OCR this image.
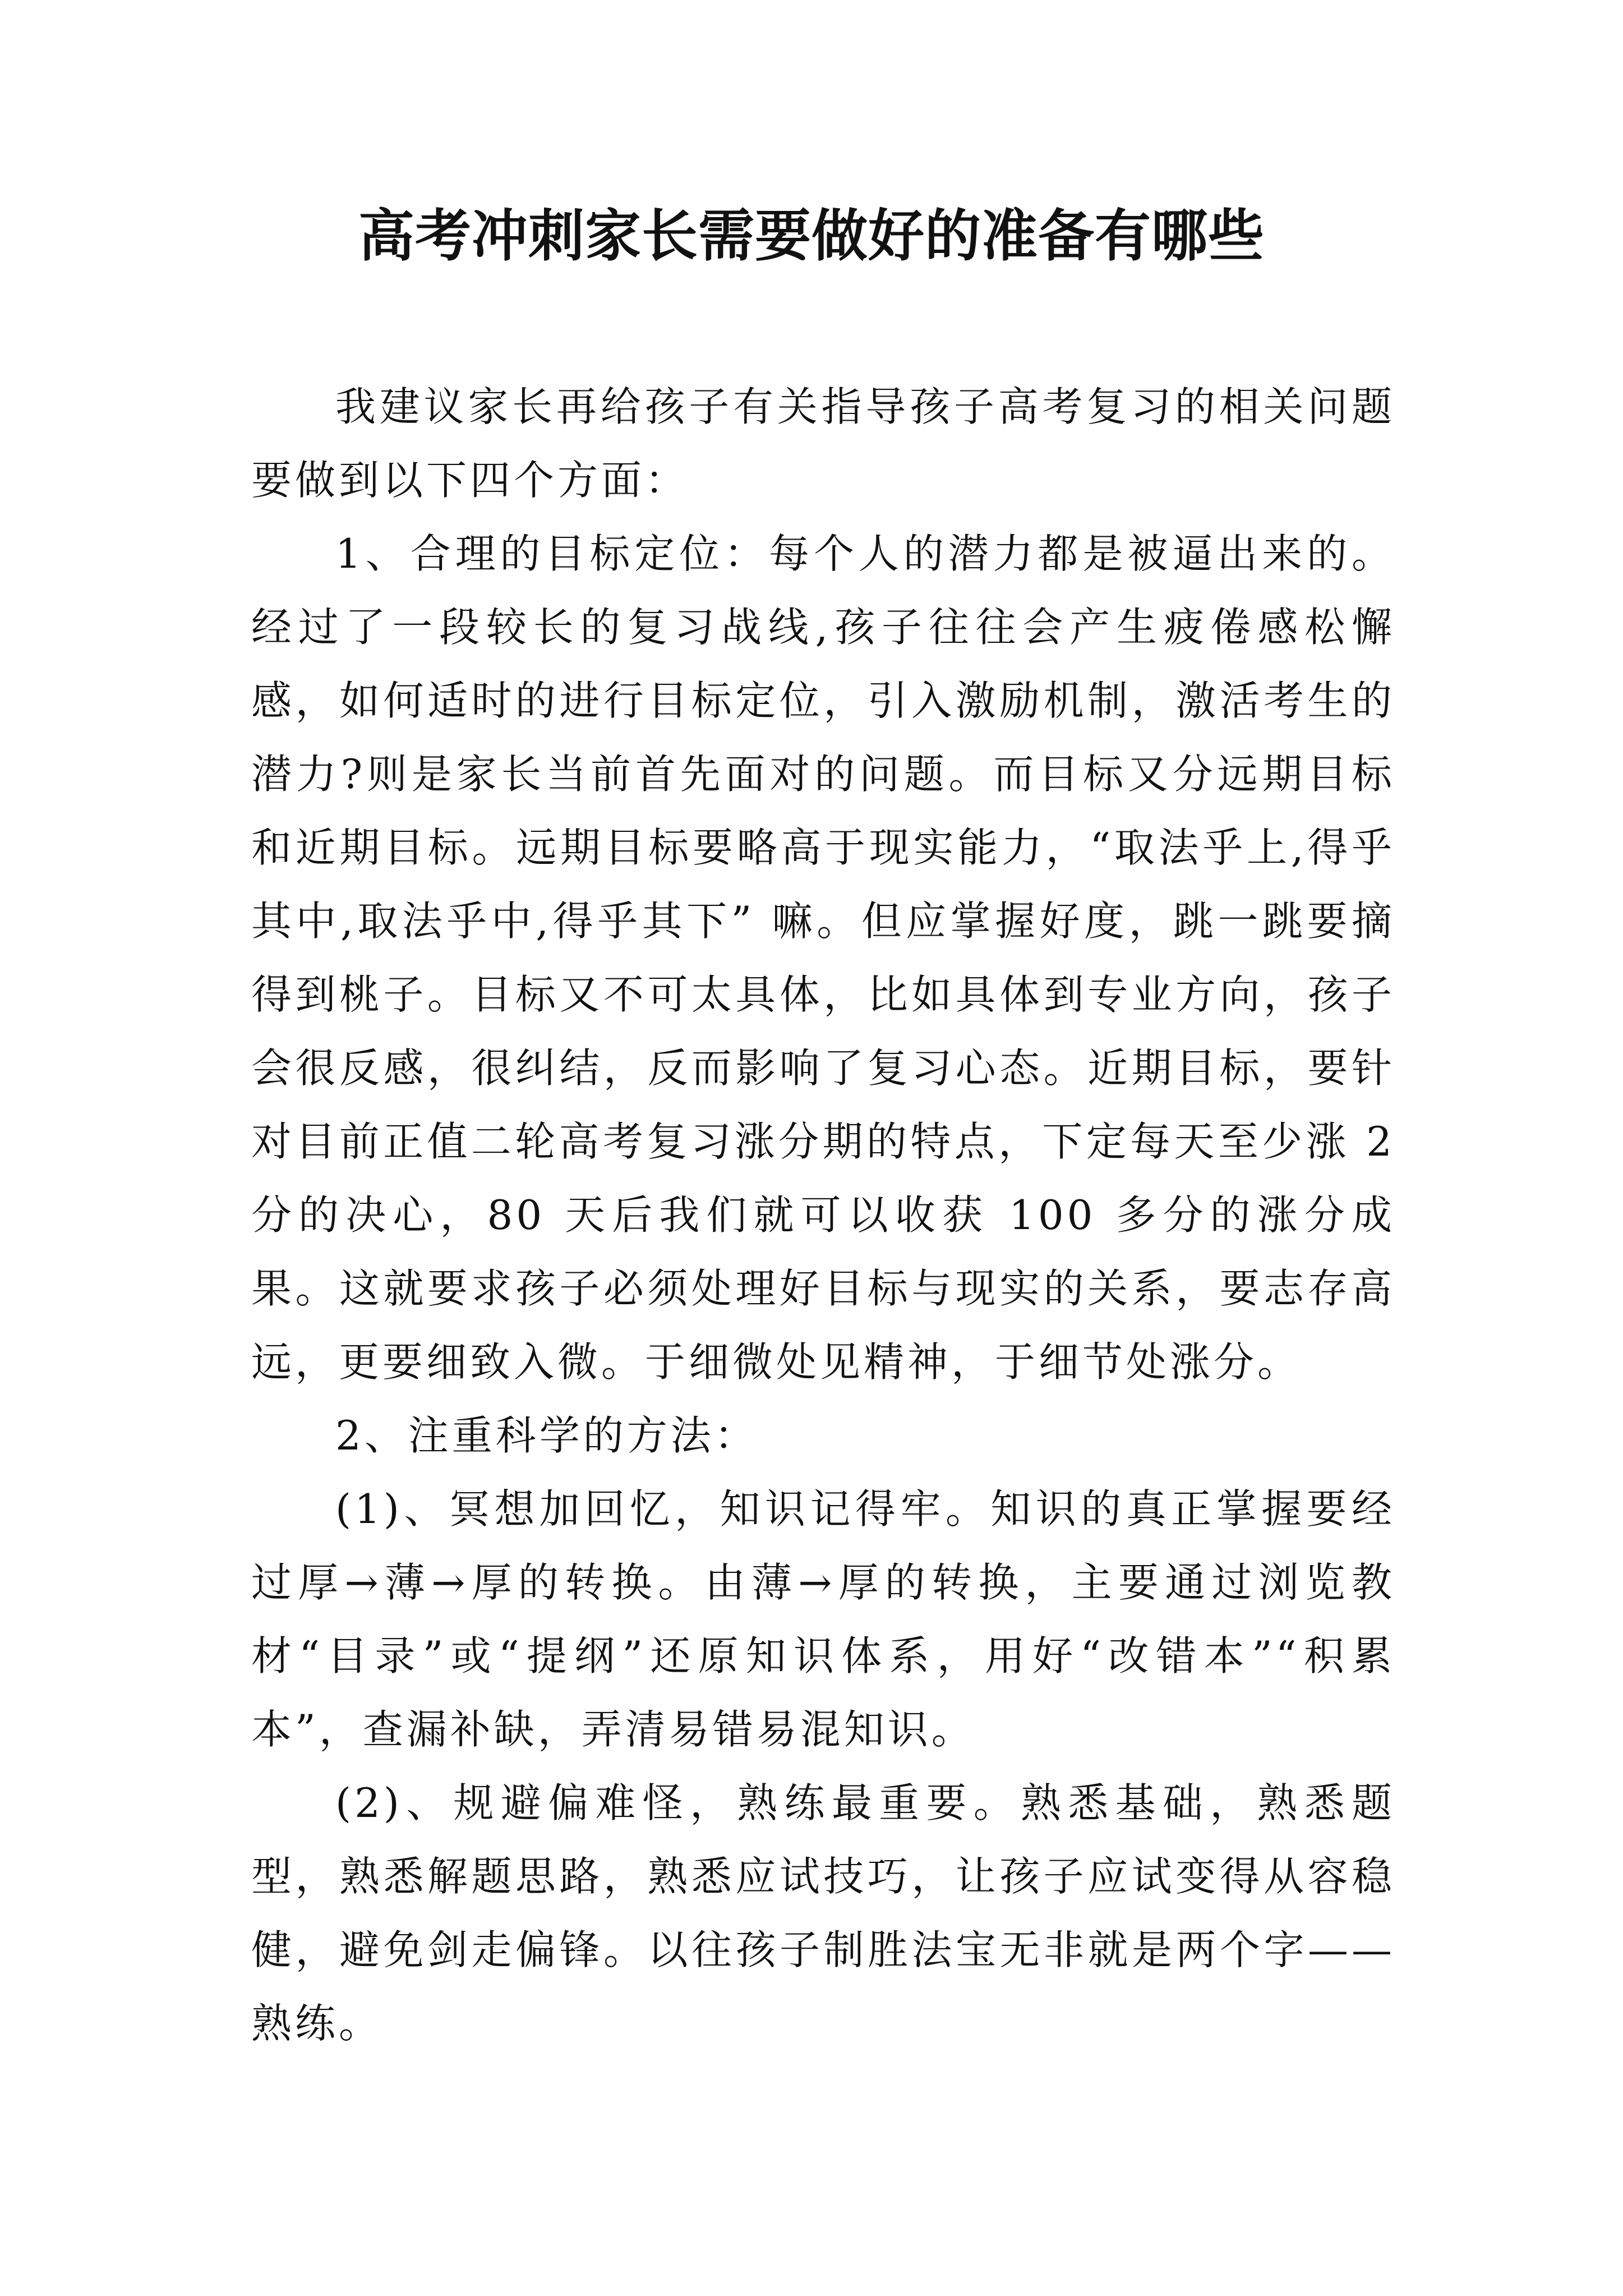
高考冲刺家长需要做好的准备有哪些

我建议家长再给孩子有关指导孩子高考复习的相关问题要做到以下四个方面：

1、合理的目标定位：每个人的潜力都是被逼出来的。经过了一段较长的复习战线,孩子往往会产生疲倦感松懈感，如何适时的进行目标定位，引入激励机制，激活考生的潜力?则是家长当前首先面对的问题。而目标又分远期目标和近期目标。远期目标要略高于现实能力，“取法乎上,得乎其中,取法乎中,得乎其下” 嘛。但应掌握好度，跳一跳要摘得到桃子。目标又不可太具体，比如具体到专业方向，孩子会很反感，很纠结，反而影响了复习心态。近期目标，要针对目前正值二轮高考复习涨分期的特点，下定每天至少涨 2 分的决心，80 天后我们就可以收获 100 多分的涨分成果。这就要求孩子必须处理好目标与现实的关系，要志存高远，更要细致入微。于细微处见精神，于细节处涨分。

2、注重科学的方法：

(1)、冥想加回忆，知识记得牢。知识的真正掌握要经过厚→薄→厚的转换。由薄→厚的转换，主要通过浏览教材“目录”或“提纲”还原知识体系，用好“改错本”“积累本”，查漏补缺，弄清易错易混知识。

(2)、规避偏难怪，熟练最重要。熟悉基础，熟悉题型，熟悉解题思路，熟悉应试技巧，让孩子应试变得从容稳健，避免剑走偏锋。以往孩子制胜法宝无非就是两个字——熟练。
